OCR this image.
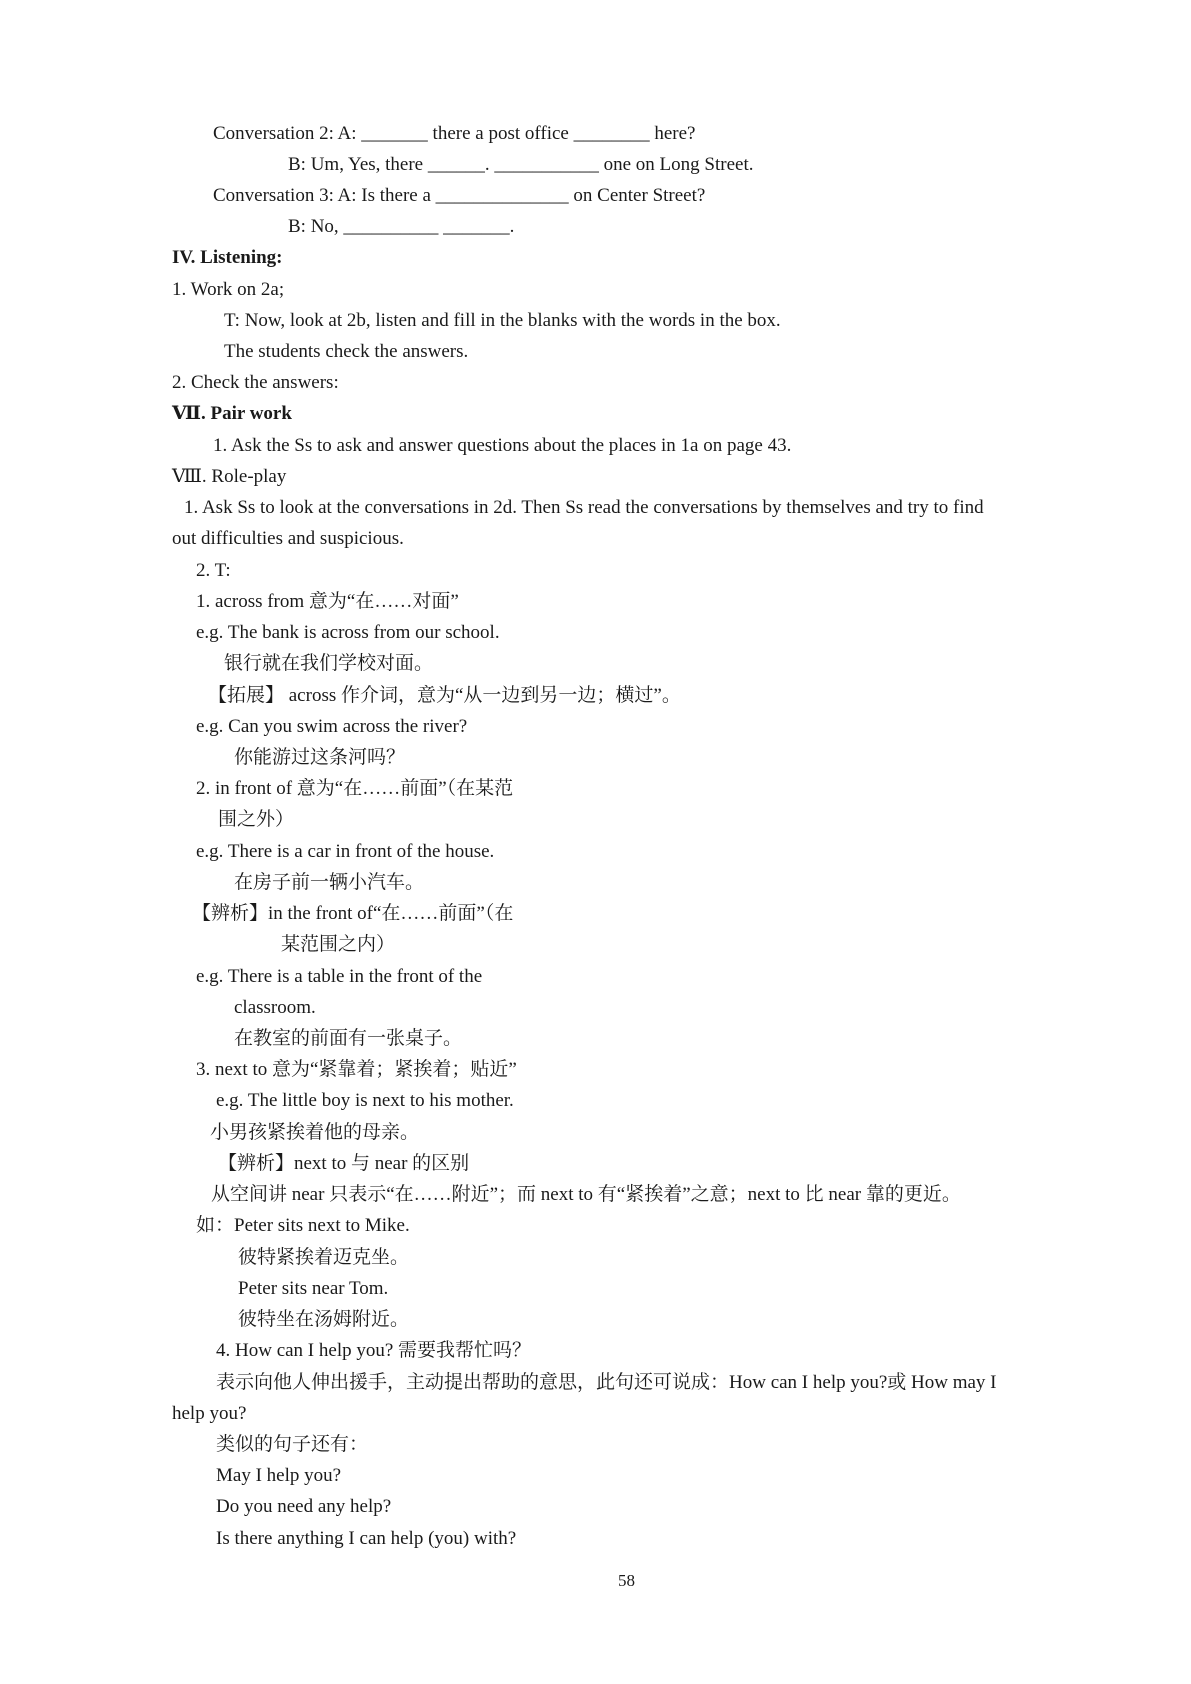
Conversation 2: A: _______ there a post office ________ here?
B: Um, Yes, there ______. ___________ one on Long Street.
Conversation 3: A: Is there a ______________ on Center Street?
B: No, __________ _______.
IV. Listening:
1. Work on 2a;
T: Now, look at 2b, listen and fill in the blanks with the words in the box.
The students check the answers.
2. Check the answers:
Ⅶ. Pair work
1. Ask the Ss to ask and answer questions about the places in 1a on page 43.
Ⅷ. Role-play
1. Ask Ss to look at the conversations in 2d. Then Ss read the conversations by themselves and try to find
out difficulties and suspicious.
2. T:
1. across from 意为“在……对面”
e.g. The bank is across from our school.
银行就在我们学校对面。
【拓展】 across 作介词，意为“从一边到另一边；横过”。
e.g. Can you swim across the river?
你能游过这条河吗？
2. in front of 意为“在……前面”（在某范
围之外）
e.g. There is a car in front of the house.
在房子前一辆小汽车。
【辨析】in the front of“在……前面”（在
某范围之内）
e.g. There is a table in the front of the
classroom.
在教室的前面有一张桌子。
3. next to 意为“紧靠着；紧挨着；贴近”
e.g. The little boy is next to his mother.
小男孩紧挨着他的母亲。
【辨析】next to 与 near 的区别
从空间讲 near 只表示“在……附近”；而 next to 有“紧挨着”之意；next to 比 near 靠的更近。
如：Peter sits next to Mike.
彼特紧挨着迈克坐。
Peter sits near Tom.
彼特坐在汤姆附近。
4. How can I help you? 需要我帮忙吗？
表示向他人伸出援手，主动提出帮助的意思，此句还可说成：How can I help you?或 How may I
help you?
类似的句子还有：
May I help you?
Do you need any help?
Is there anything I can help (you) with?
58
